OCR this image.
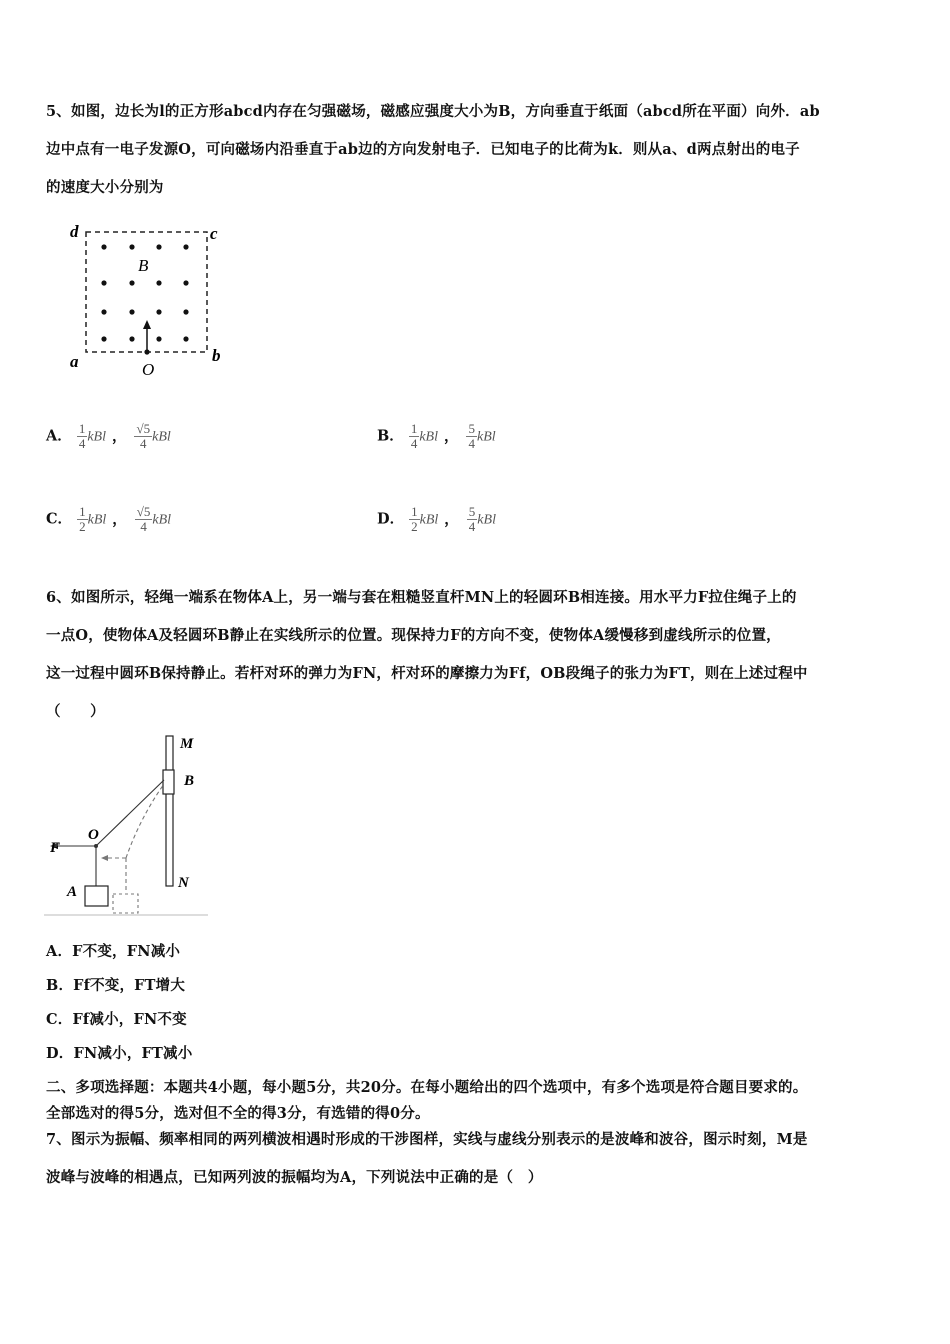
5、如图，边长为l的正方形abcd内存在匀强磁场，磁感应强度大小为B，方向垂直于纸面（abcd所在平面）向外．ab
边中点有一电子发源O，可向磁场内沿垂直于ab边的方向发射电子．已知电子的比荷为k．则从a、d两点射出的电子
的速度大小分别为
d	c
B
a	b
O
A． $\frac{1}{4}$ kBl ， $\frac{√5}{4}$ kBl	B． $\frac{1}{4}$ kBl ， $\frac{5}{4}$ kBl
C． $\frac{1}{2}$ kBl ， $\frac{√5}{4}$ kBl	D． $\frac{1}{2}$ kBl ， $\frac{5}{4}$ kBl
6、如图所示，轻绳一端系在物体A上，另一端与套在粗糙竖直杆MN上的轻圆环B相连接。用水平力F拉住绳子上的
一点O，使物体A及轻圆环B静止在实线所示的位置。现保持力F的方向不变，使物体A缓慢移到虚线所示的位置，
这一过程中圆环B保持静止。若杆对环的弹力为FN，杆对环的摩擦力为Ff，OB段绳子的张力为FT，则在上述过程中
（　　）
M
B
F
O
A
N
A．F不变，FN减小
B．Ff不变，FT增大
C．Ff减小，FN不变
D．FN减小，FT减小
二、多项选择题：本题共4小题，每小题5分，共20分。在每小题给出的四个选项中，有多个选项是符合题目要求的。
全部选对的得5分，选对但不全的得3分，有选错的得0分。
7、图示为振幅、频率相同的两列横波相遇时形成的干涉图样，实线与虚线分别表示的是波峰和波谷，图示时刻，M是
波峰与波峰的相遇点，已知两列波的振幅均为A，下列说法中正确的是（　）
